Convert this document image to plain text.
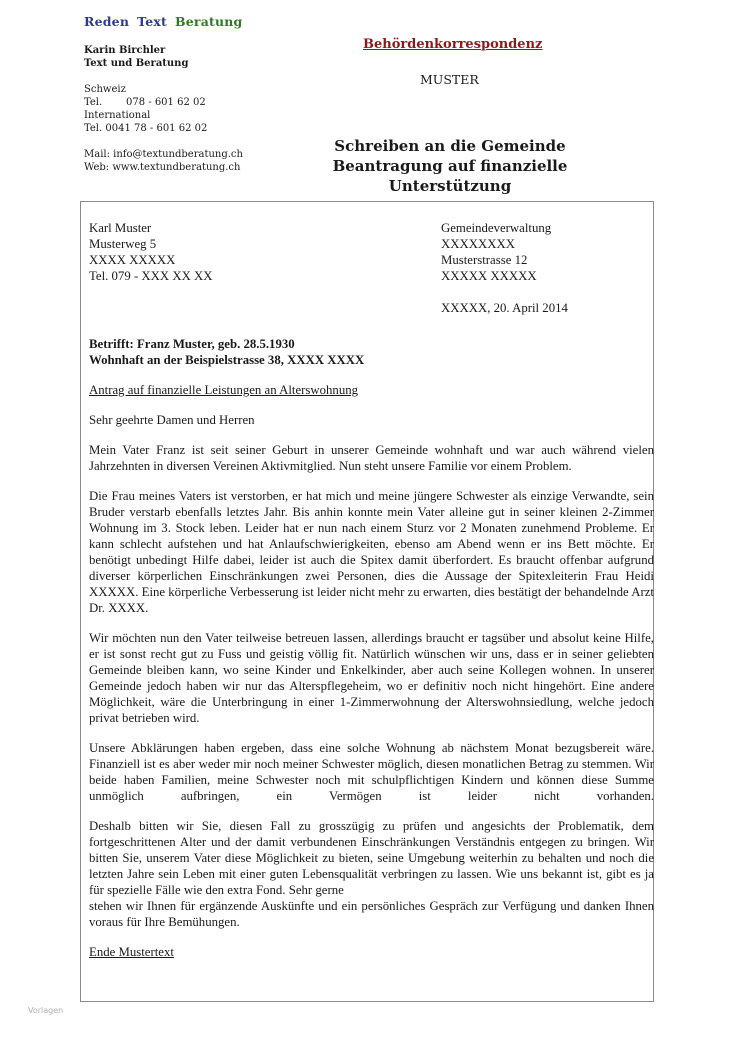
Reden Text Beratung
Karin Birchler
Text und Beratung
Schweiz
Tel. 078 - 601 62 02
International
Tel. 0041 78 - 601 62 02
Mail: info@textundberatung.ch
Web: www.textundberatung.ch
Behördenkorrespondenz
MUSTER
Schreiben an die Gemeinde
Beantragung auf finanzielle Unterstützung
Karl Muster
Musterweg 5
XXXX XXXXX
Tel. 079 - XXX XX XX
Gemeindeverwaltung
XXXXXXXX
Musterstrasse 12
XXXXX XXXXX
XXXXX, 20. April 2014
Betrifft: Franz Muster, geb. 28.5.1930
Wohnhaft an der Beispielstrasse 38, XXXX XXXX
Antrag auf finanzielle Leistungen an Alterswohnung
Sehr geehrte Damen und Herren
Mein Vater Franz ist seit seiner Geburt in unserer Gemeinde wohnhaft und war auch während vielen Jahrzehnten in diversen Vereinen Aktivmitglied. Nun steht unsere Familie vor einem Problem.
Die Frau meines Vaters ist verstorben, er hat mich und meine jüngere Schwester als einzige Verwandte, sein Bruder verstarb ebenfalls letztes Jahr. Bis anhin konnte mein Vater alleine gut in seiner kleinen 2-Zimmer Wohnung im 3. Stock leben. Leider hat er nun nach einem Sturz vor 2 Monaten zunehmend Probleme. Er kann schlecht aufstehen und hat Anlaufschwierigkeiten, ebenso am Abend wenn er ins Bett möchte. Er benötigt unbedingt Hilfe dabei, leider ist auch die Spitex damit überfordert. Es braucht offenbar aufgrund diverser körperlichen Einschränkungen zwei Personen, dies die Aussage der Spitexleiterin Frau Heidi XXXXX. Eine körperliche Verbesserung ist leider nicht mehr zu erwarten, dies bestätigt der behandelnde Arzt Dr. XXXX.
Wir möchten nun den Vater teilweise betreuen lassen, allerdings braucht er tagsüber und absolut keine Hilfe, er ist sonst recht gut zu Fuss und geistig völlig fit. Natürlich wünschen wir uns, dass er in seiner geliebten Gemeinde bleiben kann, wo seine Kinder und Enkelkinder, aber auch seine Kollegen wohnen. In unserer Gemeinde jedoch haben wir nur das Alterspflegeheim, wo er definitiv noch nicht hingehört. Eine andere Möglichkeit, wäre die Unterbringung in einer 1-Zimmerwohnung der Alterswohnsiedlung, welche jedoch privat betrieben wird.
Unsere Abklärungen haben ergeben, dass eine solche Wohnung ab nächstem Monat bezugsbereit wäre. Finanziell ist es aber weder mir noch meiner Schwester möglich, diesen monatlichen Betrag zu stemmen. Wir beide haben Familien, meine Schwester noch mit schulpflichtigen Kindern und können diese Summe unmöglich aufbringen, ein Vermögen ist leider nicht vorhanden.
Deshalb bitten wir Sie, diesen Fall zu grosszügig zu prüfen und angesichts der Problematik, dem fortgeschrittenen Alter und der damit verbundenen Einschränkungen Verständnis entgegen zu bringen. Wir bitten Sie, unserem Vater diese Möglichkeit zu bieten, seine Umgebung weiterhin zu behalten und noch die letzten Jahre sein Leben mit einer guten Lebensqualität verbringen zu lassen. Wie uns bekannt ist, gibt es ja für spezielle Fälle wie den extra Fond. Sehr gerne
stehen wir Ihnen für ergänzende Auskünfte und ein persönliches Gespräch zur Verfügung und danken Ihnen voraus für Ihre Bemühungen.
Ende Mustertext
Vorlagen
